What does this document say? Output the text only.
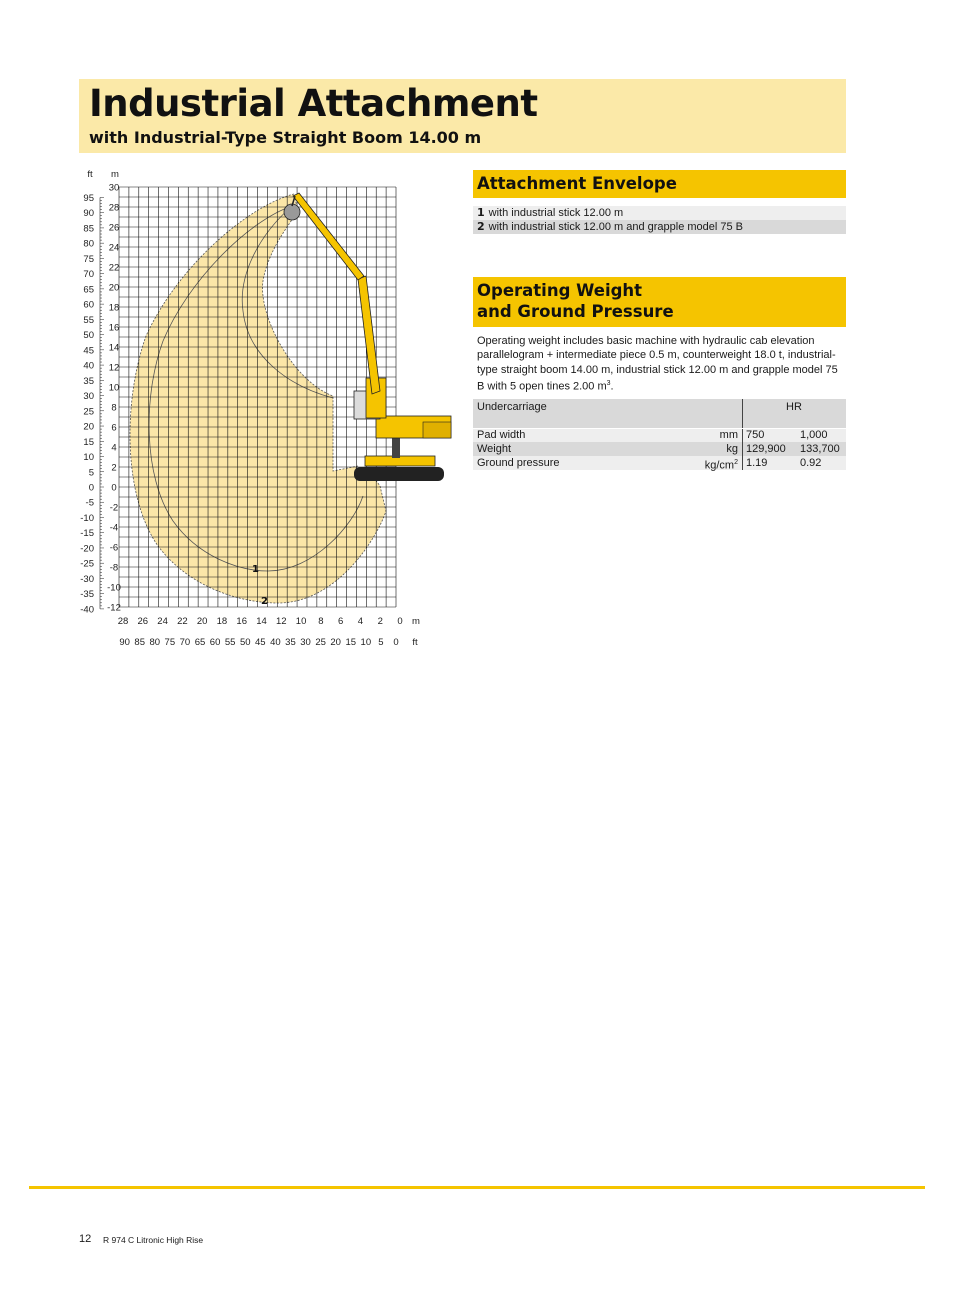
Industrial Attachment
with Industrial-Type Straight Boom 14.00 m
ft m
m
ft
30
28
26
24
22
20
18
16
14
12
10
8
6
4
2
0
-2
-4
-6
-8
-10
-12
95
90
85
80
75
70
65
60
55
50
45
40
35
30
25
20
15
10
5
0
-5
-10
-15
-20
-25
-30
-35
-40
28 26 24 22 20 18 16 14 12 10 8 6 4 2 0
90 85 80 75 70 65 60 55 50 45 40 35 30 25 20 15 10 5 0
1
2
Attachment Envelope
1 with industrial stick 12.00 m
2 with industrial stick 12.00 m and grapple model 75 B
Operating Weight
and Ground Pressure
Operating weight includes basic machine with hydraulic cab elevation parallelogram + intermediate piece 0.5 m, counterweight 18.0 t, industrial-type straight boom 14.00 m, industrial stick 12.00 m and grapple model 75 B with 5 open tines 2.00 $m^3$.
Undercarriage	HR
Pad width	mm 750	1,000
Weight	kg 129,900 133,700
Ground pressure	$kg/cm^2$ 1.19	0.92
12 R 974 C Litronic High Rise
